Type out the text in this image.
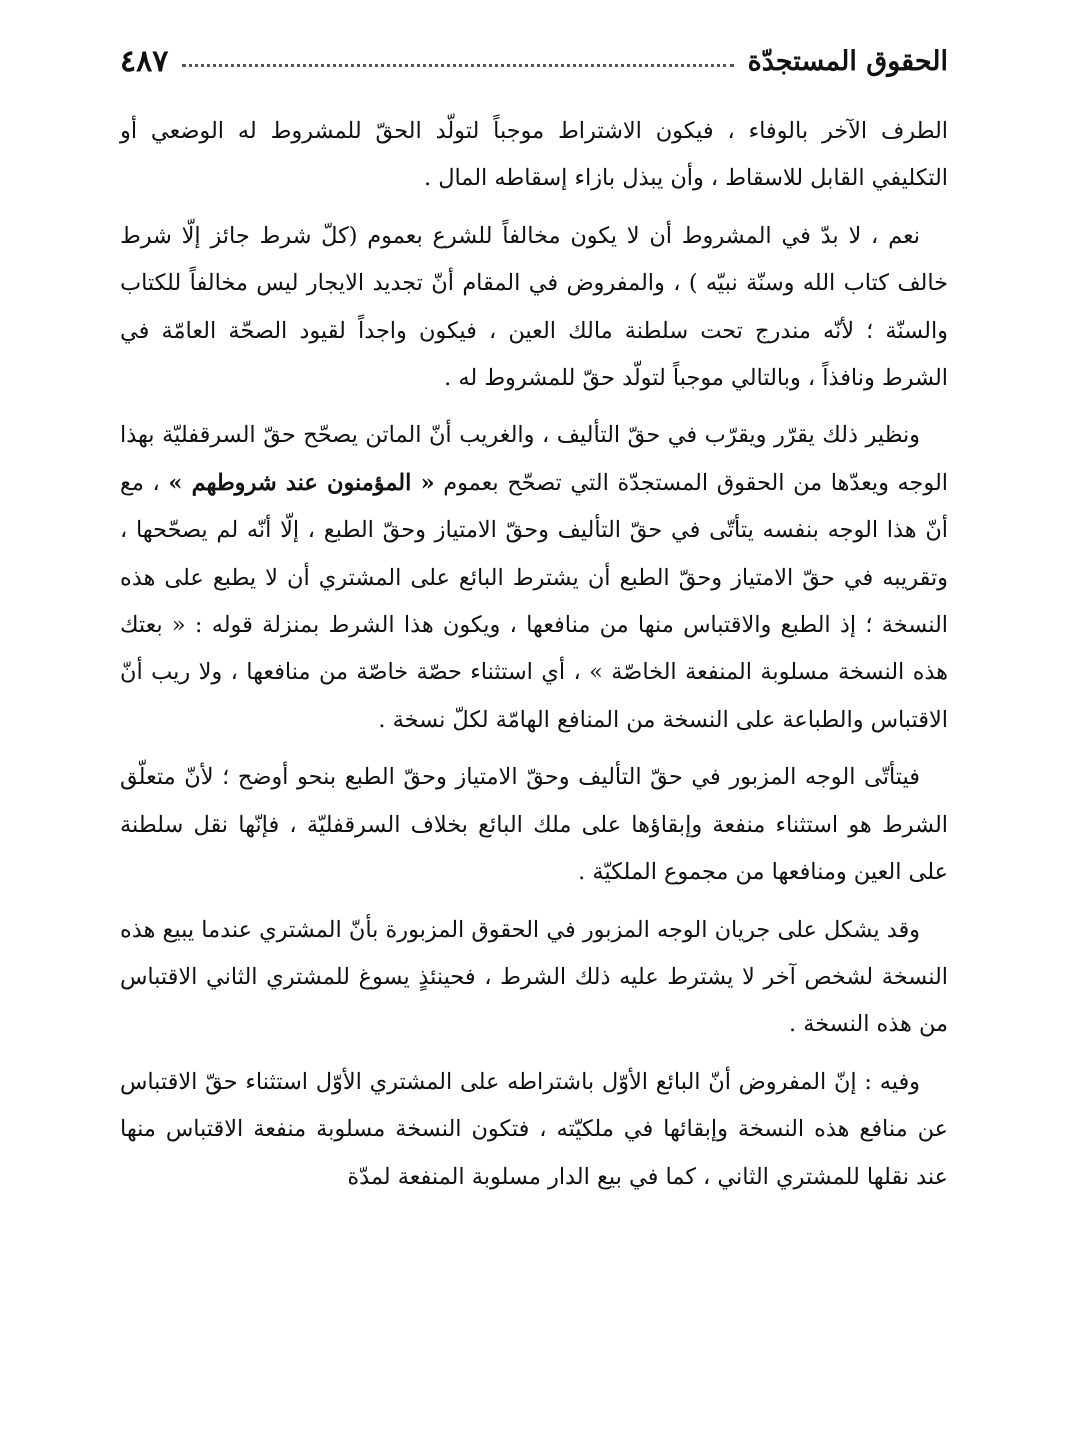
الحقوق المستجدّة
٤٨٧

الطرف الآخر بالوفاء ، فيكون الاشتراط موجباً لتولّد الحقّ للمشروط له الوضعي أو التكليفي القابل للاسقاط ، وأن يبذل بازاء إسقاطه المال .

نعم ، لا بدّ في المشروط أن لا يكون مخالفاً للشرع بعموم (كلّ شرط جائز إلّا شرط خالف كتاب الله وسنّة نبيّه ) ، والمفروض في المقام أنّ تجديد الايجار ليس مخالفاً للكتاب والسنّة ؛ لأنّه مندرج تحت سلطنة مالك العين ، فيكون واجداً لقيود الصحّة العامّة في الشرط ونافذاً ، وبالتالي موجباً لتولّد حقّ للمشروط له .

ونظير ذلك يقرّر ويقرّب في حقّ التأليف ، والغريب أنّ الماتن يصحّح حقّ السرقفليّة بهذا الوجه ويعدّها من الحقوق المستجدّة التي تصحّح بعموم « المؤمنون عند شروطهم » ، مع أنّ هذا الوجه بنفسه يتأتّى في حقّ التأليف وحقّ الامتياز وحقّ الطبع ، إلّا أنّه لم يصحّحها ، وتقريبه في حقّ الامتياز وحقّ الطبع أن يشترط البائع على المشتري أن لا يطبع على هذه النسخة ؛ إذ الطبع والاقتباس منها من منافعها ، ويكون هذا الشرط بمنزلة قوله : « بعتك هذه النسخة مسلوبة المنفعة الخاصّة » ، أي استثناء حصّة خاصّة من منافعها ، ولا ريب أنّ الاقتباس والطباعة على النسخة من المنافع الهامّة لكلّ نسخة .

فيتأتّى الوجه المزبور في حقّ التأليف وحقّ الامتياز وحقّ الطبع بنحو أوضح ؛ لأنّ متعلّق الشرط هو استثناء منفعة وإبقاؤها على ملك البائع بخلاف السرقفليّة ، فإنّها نقل سلطنة على العين ومنافعها من مجموع الملكيّة .

وقد يشكل على جريان الوجه المزبور في الحقوق المزبورة بأنّ المشتري عندما يبيع هذه النسخة لشخص آخر لا يشترط عليه ذلك الشرط ، فحينئذٍ يسوغ للمشتري الثاني الاقتباس من هذه النسخة .

وفيه : إنّ المفروض أنّ البائع الأوّل باشتراطه على المشتري الأوّل استثناء حقّ الاقتباس عن منافع هذه النسخة وإبقائها في ملكيّته ، فتكون النسخة مسلوبة منفعة الاقتباس منها عند نقلها للمشتري الثاني ، كما في بيع الدار مسلوبة المنفعة لمدّة
